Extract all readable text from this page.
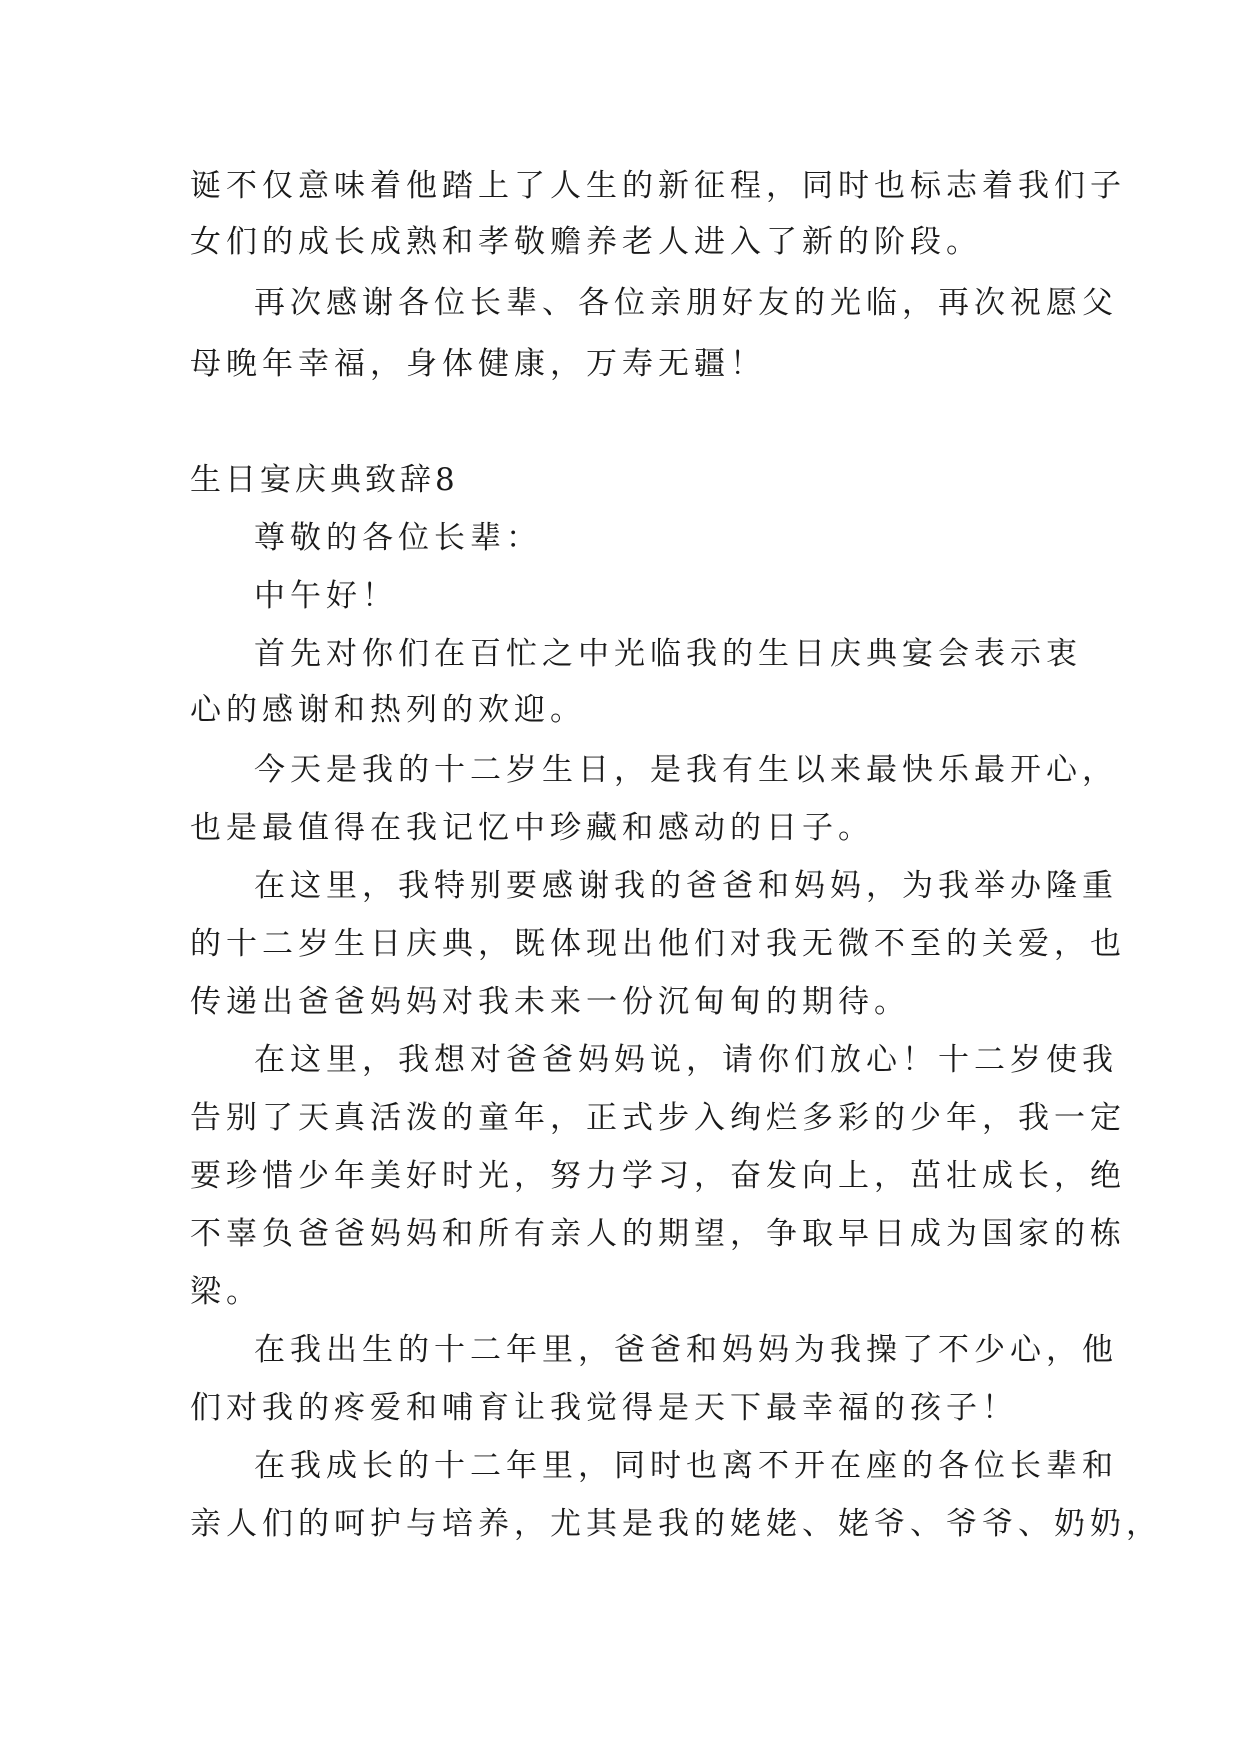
诞不仅意味着他踏上了人生的新征程，同时也标志着我们子
女们的成长成熟和孝敬赡养老人进入了新的阶段。
再次感谢各位长辈、各位亲朋好友的光临，再次祝愿父
母晚年幸福，身体健康，万寿无疆！
生日宴庆典致辞8
尊敬的各位长辈：
中午好！
首先对你们在百忙之中光临我的生日庆典宴会表示衷
心的感谢和热列的欢迎。
今天是我的十二岁生日，是我有生以来最快乐最开心，
也是最值得在我记忆中珍藏和感动的日子。
在这里，我特别要感谢我的爸爸和妈妈，为我举办隆重
的十二岁生日庆典，既体现出他们对我无微不至的关爱，也
传递出爸爸妈妈对我未来一份沉甸甸的期待。
在这里，我想对爸爸妈妈说，请你们放心！十二岁使我
告别了天真活泼的童年，正式步入绚烂多彩的少年，我一定
要珍惜少年美好时光，努力学习，奋发向上，茁壮成长，绝
不辜负爸爸妈妈和所有亲人的期望，争取早日成为国家的栋
梁。
在我出生的十二年里，爸爸和妈妈为我操了不少心，他
们对我的疼爱和哺育让我觉得是天下最幸福的孩子！
在我成长的十二年里，同时也离不开在座的各位长辈和
亲人们的呵护与培养，尤其是我的姥姥、姥爷、爷爷、奶奶，
